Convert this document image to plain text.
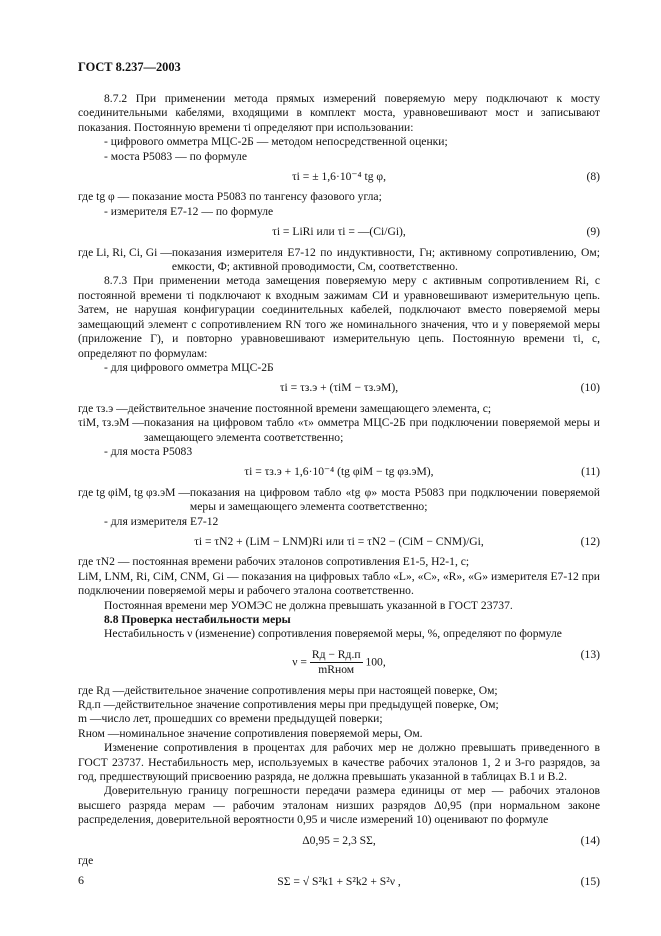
ГОСТ 8.237—2003

8.7.2 При применении метода прямых измерений поверяемую меру подключают к мосту соединительными кабелями, входящими в комплект моста, уравновешивают мост и записывают показания. Постоянную времени τi определяют при использовании:

- цифрового омметра МЦС-2Б — методом непосредственной оценки;

- моста Р5083 — по формуле

τi = ± 1,6·10⁻⁴ tg φ,	(8)

где tg φ — показание моста Р5083 по тангенсу фазового угла;

- измерителя Е7-12 — по формуле

τi = LiRi или τi = —(Ci/Gi),	(9)
где Li, Ri, Ci, Gi — показания измерителя Е7-12 по индуктивности, Гн; активному сопротивлению, Ом; емкости, Ф; активной проводимости, См, соответственно.

8.7.3 При применении метода замещения поверяемую меру с активным сопротивлением Ri, с постоянной времени τi подключают к входным зажимам СИ и уравновешивают измерительную цепь. Затем, не нарушая конфигурации соединительных кабелей, подключают вместо поверяемой меры замещающий элемент с сопротивлением RN того же номинального значения, что и у поверяемой меры (приложение Г), и повторно уравновешивают измерительную цепь. Постоянную времени τi, с, определяют по формулам:

- для цифрового омметра МЦС-2Б

τi = τз.э + (τiM − τз.эM),	(10)
где τз.э — действительное значение постоянной времени замещающего элемента, с;
τiM, τз.эM — показания на цифровом табло «τ» омметра МЦС-2Б при подключении поверяемой меры и замещающего элемента соответственно;

- для моста Р5083

τi = τз.э + 1,6·10⁻⁴ (tg φiM − tg φз.эM),	(11)
где tg φiM, tg φз.эM — показания на цифровом табло «tg φ» моста Р5083 при подключении поверяемой меры и замещающего элемента соответственно;

- для измерителя Е7-12

τi = τN2 + (LiM − LNM)Ri или τi = τN2 − (CiM − CNM)/Gi,	(12)

где τN2 — постоянная времени рабочих эталонов сопротивления Е1-5, Н2-1, с;

LiM, LNM, Ri, CiM, CNM, Gi — показания на цифровых табло «L», «C», «R», «G» измерителя Е7-12 при подключении поверяемой меры и рабочего эталона соответственно.

Постоянная времени мер УОМЭС не должна превышать указанной в ГОСТ 23737.

8.8 Проверка нестабильности меры

Нестабильность ν (изменение) сопротивления поверяемой меры, %, определяют по формуле

$\nu = \frac{Rд - Rд.п}{\text{mRном}} 100$,
(13)
где Rд — действительное значение сопротивления меры при настоящей поверке, Ом;
Rд.п — действительное значение сопротивления меры при предыдущей поверке, Ом;
m — число лет, прошедших со времени предыдущей поверки;
Rном — номинальное значение сопротивления поверяемой меры, Ом.

Изменение сопротивления в процентах для рабочих мер не должно превышать приведенного в ГОСТ 23737. Нестабильность мер, используемых в качестве рабочих эталонов 1, 2 и 3-го разрядов, за год, предшествующий присвоению разряда, не должна превышать указанной в таблицах В.1 и В.2.

Доверительную границу погрешности передачи размера единицы от мер — рабочих эталонов высшего разряда мерам — рабочим эталонам низших разрядов Δ0,95 (при нормальном законе распределения, доверительной вероятности 0,95 и числе измерений 10) оценивают по формуле

Δ0,95 = 2,3 SΣ,	(14)

где

SΣ = √ S²k1 + S²k2 + S²ν ,	(15)
6
